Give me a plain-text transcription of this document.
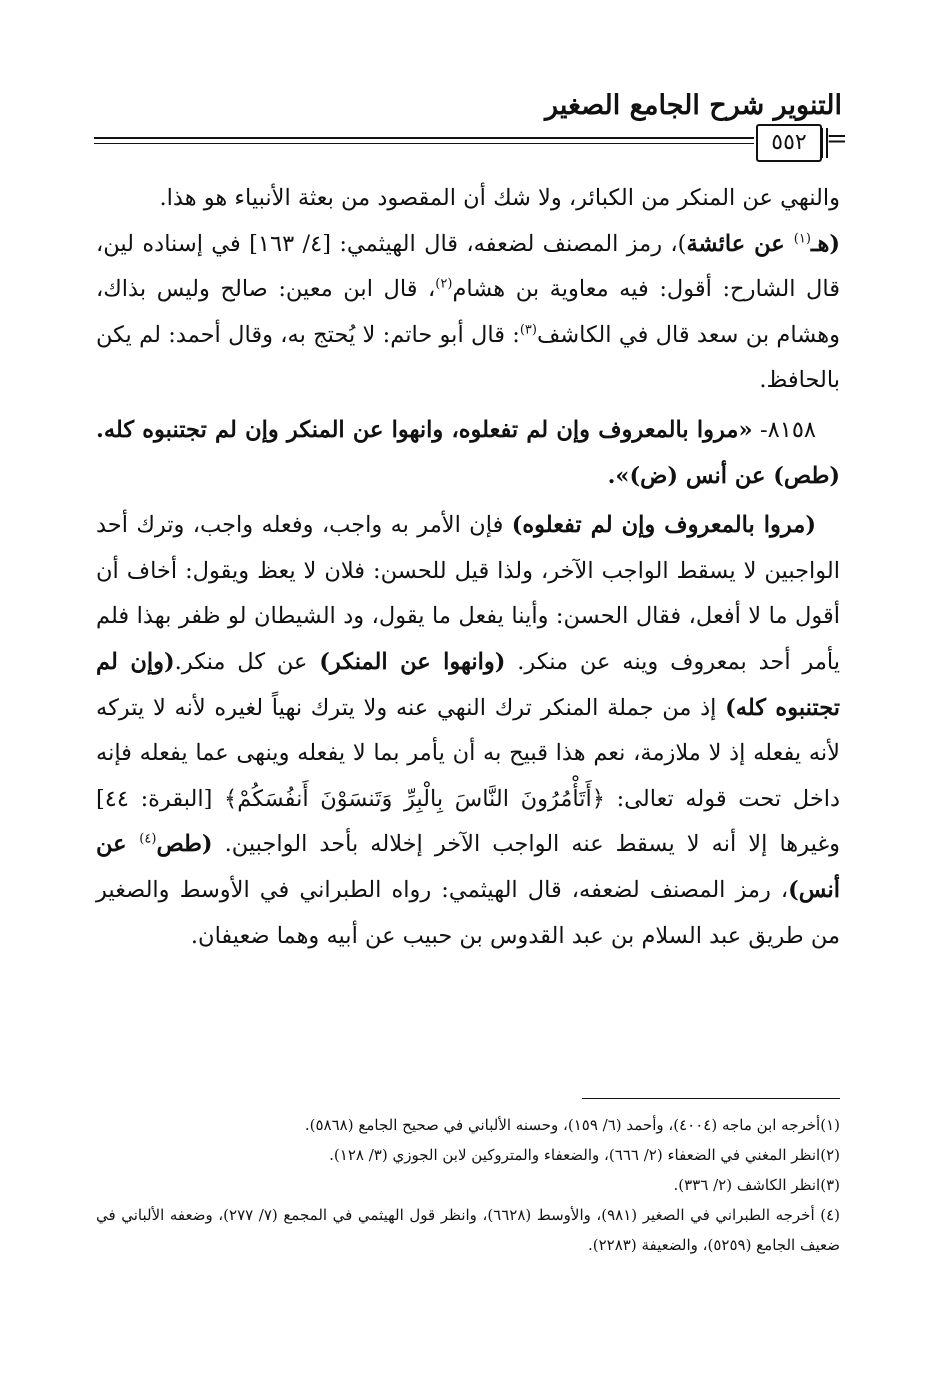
التنوير شرح الجامع الصغير
٥٥٢ =

والنهي عن المنكر من الكبائر، ولا شك أن المقصود من بعثة الأنبياء هو هذا.

(هـ$^{(١)}$ عن عائشة)، رمز المصنف لضعفه، قال الهيثمي: [٤/ ١٦٣] في إسناده لين، قال الشارح: أقول: فيه معاوية بن هشام$^{(٢)}$، قال ابن معين: صالح وليس بذاك، وهشام بن سعد قال في الكاشف$^{(٣)}$: قال أبو حاتم: لا يُحتج به، وقال أحمد: لم يكن بالحافظ.

٨١٥٨- «مروا بالمعروف وإن لم تفعلوه، وانهوا عن المنكر وإن لم تجتنبوه كله. (طص) عن أنس (ض)».

(مروا بالمعروف وإن لم تفعلوه) فإن الأمر به واجب، وفعله واجب، وترك أحد الواجبين لا يسقط الواجب الآخر، ولذا قيل للحسن: فلان لا يعظ ويقول: أخاف أن أقول ما لا أفعل، فقال الحسن: وأينا يفعل ما يقول، ود الشيطان لو ظفر بهذا فلم يأمر أحد بمعروف وينه عن منكر. (وانهوا عن المنكر) عن كل منكر.(وإن لم تجتنبوه كله) إذ من جملة المنكر ترك النهي عنه ولا يترك نهياً لغيره لأنه لا يتركه لأنه يفعله إذ لا ملازمة، نعم هذا قبيح به أن يأمر بما لا يفعله وينهى عما يفعله فإنه داخل تحت قوله تعالى: ﴿أَتَأْمُرُونَ النَّاسَ بِالْبِرِّ وَتَنسَوْنَ أَنفُسَكُمْ﴾ [البقرة: ٤٤] وغيرها إلا أنه لا يسقط عنه الواجب الآخر إخلاله بأحد الواجبين. (طص$^{(٤)}$ عن أنس)، رمز المصنف لضعفه، قال الهيثمي: رواه الطبراني في الأوسط والصغير من طريق عبد السلام بن عبد القدوس بن حبيب عن أبيه وهما ضعيفان.

(١)أخرجه ابن ماجه (٤٠٠٤)، وأحمد (٦/ ١٥٩)، وحسنه الألباني في صحيح الجامع (٥٨٦٨).

(٢)انظر المغني في الضعفاء (٢/ ٦٦٦)، والضعفاء والمتروكين لابن الجوزي (٣/ ١٢٨).

(٣)انظر الكاشف (٢/ ٣٣٦).

(٤) أخرجه الطبراني في الصغير (٩٨١)، والأوسط (٦٦٢٨)، وانظر قول الهيثمي في المجمع (٧/ ٢٧٧)، وضعفه الألباني في ضعيف الجامع (٥٢٥٩)، والضعيفة (٢٢٨٣).
